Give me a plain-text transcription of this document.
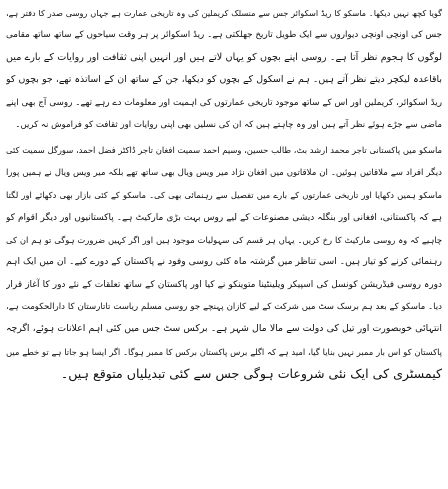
گویا کچھ نہیں دیکھا۔ ماسکو کا ریڈ اسکوائر جس سے منسلک کریملین کی وہ تاریخی عمارت ہے جہاں روسی صدر کا دفتر ہے،
جس کی اونچی اونچی دیواروں سے ایک طویل تاریخ جھلکتی ہے۔ ریڈ اسکوائر پر ہر وقت سیاحوں کے ساتھ ساتھ مقامی
لوگوں کا ہجوم نظر آتا ہے۔ روسی اپنے بچوں کو یہاں لاتے ہیں اور انہیں اپنی ثقافت اور روایات کے بارے میں
باقاعدہ لیکچر دیتے نظر آتے ہیں۔ ہم نے اسکول کے بچوں کو دیکھا، جن کے ساتھ ان کے اساتذہ تھے، جو بچوں کو
ریڈ اسکوائر، کریملین اور اس کے ساتھ موجود تاریخی عمارتوں کی اہمیت اور معلومات دے رہے تھے۔ روسی آج بھی اپنے
ماضی سے جڑے ہوئے نظر آتے ہیں اور وہ چاہتے ہیں کہ ان کی نسلیں بھی اپنی روایات اور ثقافت کو فراموش نہ کریں۔
ماسکو میں پاکستانی تاجر محمد ارشد بٹ، طالب حسین، وسیم احمد سمیت افغان تاجر ڈاکٹر فضل احمد، سورگل سمیت کئی
دیگر افراد سے ملاقاتیں ہوئیں۔ ان ملاقاتوں میں افغان نژاد میر ویس ویال بھی ساتھ تھے بلکہ میر ویس ویال نے ہمیں پورا
ماسکو ہمیں دکھایا اور تاریخی عمارتوں کے بارے میں تفصیل سے رہنمائی بھی کی۔ ماسکو کے کئی بازار بھی دکھائے اور لگتا
ہے کہ پاکستانی، افغانی اور بنگلہ دیشی مصنوعات کے لیے روس بہت بڑی مارکیٹ ہے۔ پاکستانیوں اور دیگر اقوام کو
چاہیے کہ وہ روسی مارکیٹ کا رخ کریں۔ یہاں ہر قسم کی سہولیات موجود ہیں اور اگر کہیں ضرورت ہوگی تو ہم ان کی
رہنمائی کرنے کو تیار ہیں۔ اسی تناظر میں گزشتہ ماہ کئی روسی وفود نے پاکستان کے دورے کیے۔ ان میں ایک اہم
دورہ روسی فیڈریشن کونسل کی اسپیکر ویلینٹینا متوینکو نے کیا اور پاکستان کے ساتھ تعلقات کے نئے دور کا آغاز قرار
دیا۔ ماسکو کے بعد ہم برسک سٹ میں شرکت کے لیے کازان پہنچے جو روسی مسلم ریاست تاتارستان کا دارالحکومت ہے،
انتہائی خوبصورت اور تیل کی دولت سے مالا مال شہر ہے۔ برکس سٹ جس میں کئی اہم اعلانات ہوئے، اگرچہ
پاکستان کو اس بار ممبر نہیں بنایا گیا، امید ہے کہ اگلے برس پاکستان برکس کا ممبر ہوگا۔ اگر ایسا ہو جاتا ہے تو خطے میں
کیمسٹری کی ایک نئی شروعات ہوگی جس سے کئی تبدیلیاں متوقع ہیں۔
